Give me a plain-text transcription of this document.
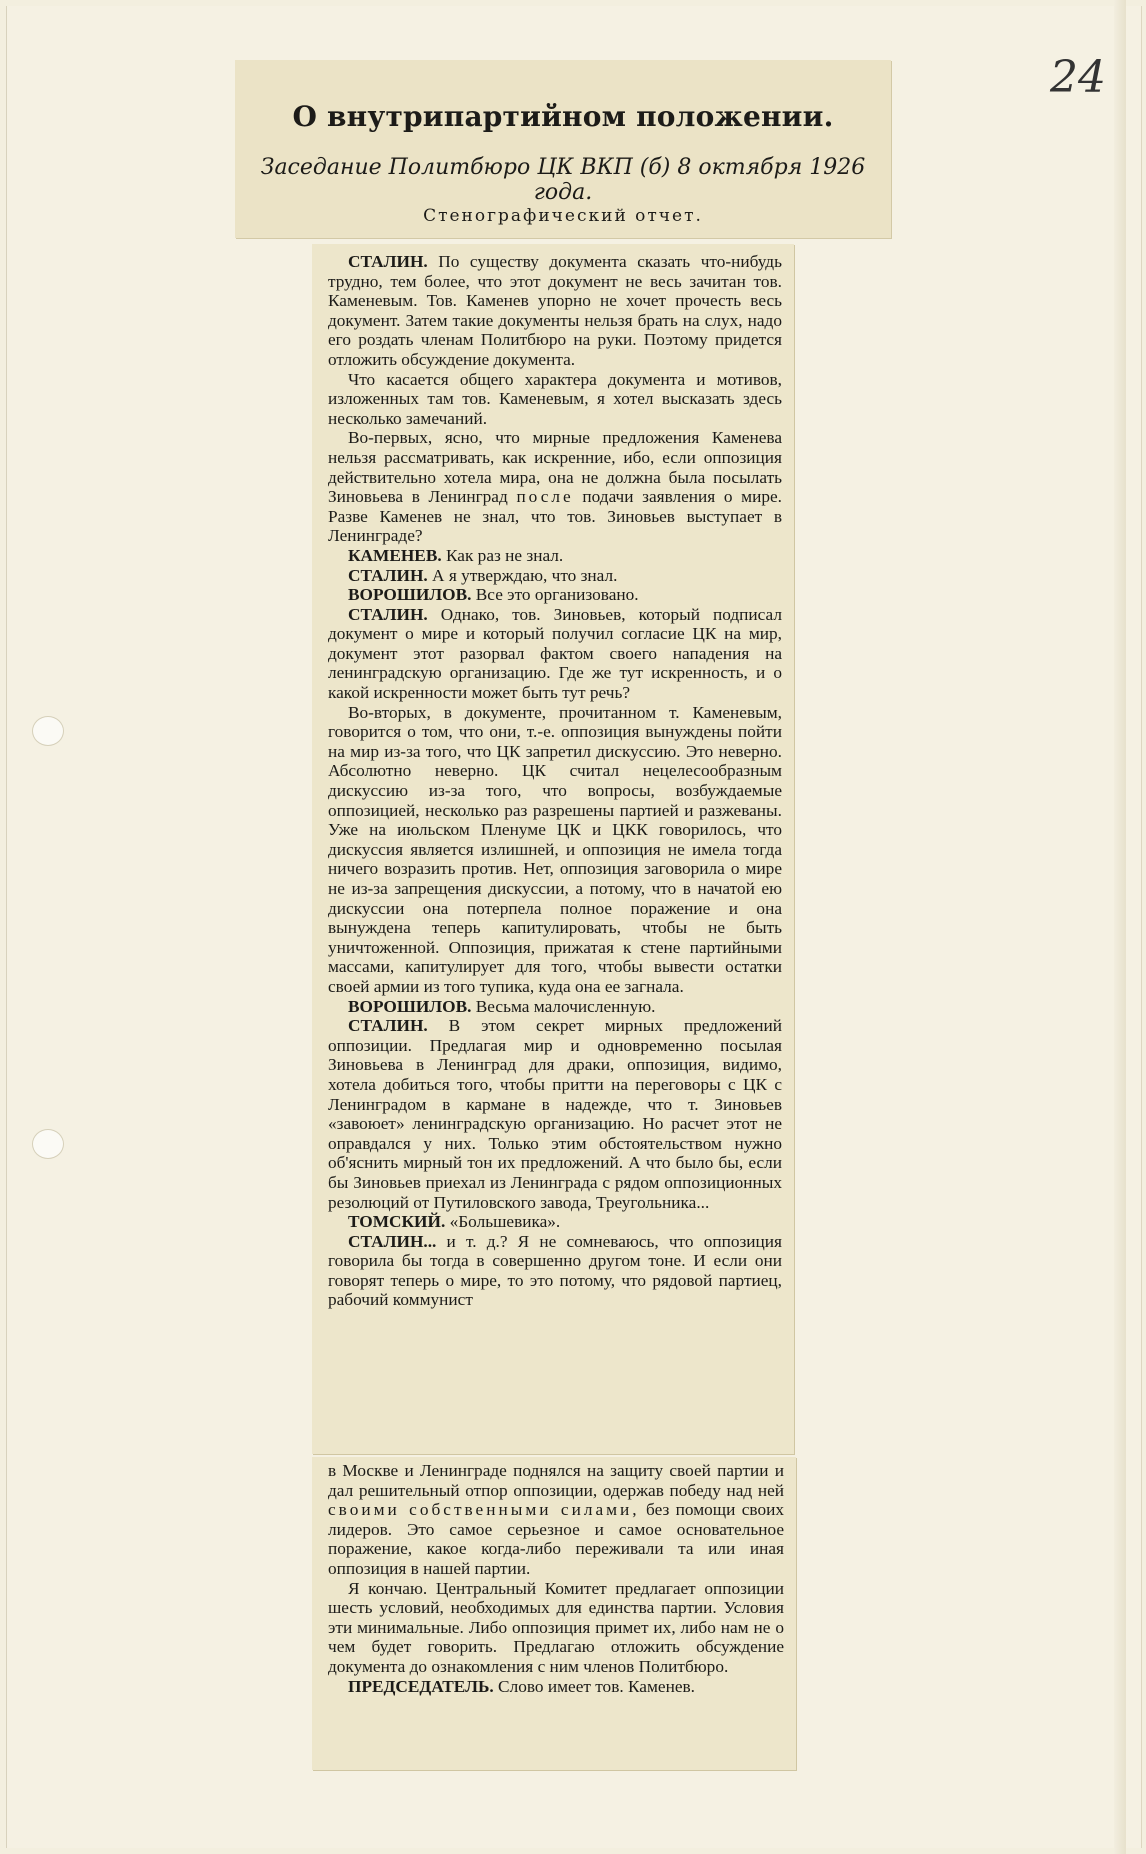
24
О внутрипартийном положении.
Заседание Политбюро ЦК ВКП (б) 8 октября 1926 года.
Стенографический отчет.

СТАЛИН. По существу документа сказать что-нибудь трудно, тем более, что этот документ не весь зачитан тов. Каменевым. Тов. Каменев упорно не хочет прочесть весь документ. Затем такие документы нельзя брать на слух, надо его роздать членам Политбюро на руки. Поэтому придется отложить обсуждение документа.

Что касается общего характера документа и мотивов, изложенных там тов. Каменевым, я хотел высказать здесь несколько замечаний.

Во-первых, ясно, что мирные предложения Каменева нельзя рассматривать, как искренние, ибо, если оппозиция действительно хотела мира, она не должна была посылать Зиновьева в Ленинград после подачи заявления о мире. Разве Каменев не знал, что тов. Зиновьев выступает в Ленинграде?

КАМЕНЕВ. Как раз не знал.

СТАЛИН. А я утверждаю, что знал.

ВОРОШИЛОВ. Все это организовано.

СТАЛИН. Однако, тов. Зиновьев, который подписал документ о мире и который получил согласие ЦК на мир, документ этот разорвал фактом своего нападения на ленинградскую организацию. Где же тут искренность, и о какой искренности может быть тут речь?

Во-вторых, в документе, прочитанном т. Каменевым, говорится о том, что они, т.-е. оппозиция вынуждены пойти на мир из-за того, что ЦК запретил дискуссию. Это неверно. Абсолютно неверно. ЦК считал нецелесообразным дискуссию из-за того, что вопросы, возбуждаемые оппозицией, несколько раз разрешены партией и разжеваны. Уже на июльском Пленуме ЦК и ЦКК говорилось, что дискуссия является излишней, и оппозиция не имела тогда ничего возразить против. Нет, оппозиция заговорила о мире не из-за запрещения дискуссии, а потому, что в начатой ею дискуссии она потерпела полное поражение и она вынуждена теперь капитулировать, чтобы не быть уничтоженной. Оппозиция, прижатая к стене партийными массами, капитулирует для того, чтобы вывести остатки своей армии из того тупика, куда она ее загнала.

ВОРОШИЛОВ. Весьма малочисленную.

СТАЛИН. В этом секрет мирных предложений оппозиции. Предлагая мир и одновременно посылая Зиновьева в Ленинград для драки, оппозиция, видимо, хотела добиться того, чтобы притти на переговоры с ЦК с Ленинградом в кармане в надежде, что т. Зиновьев «завоюет» ленинградскую организацию. Но расчет этот не оправдался у них. Только этим обстоятельством нужно об'яснить мирный тон их предложений. А что было бы, если бы Зиновьев приехал из Ленинграда с рядом оппозиционных резолюций от Путиловского завода, Треугольника...

ТОМСКИЙ. «Большевика».

СТАЛИН... и т. д.? Я не сомневаюсь, что оппозиция говорила бы тогда в совершенно другом тоне. И если они говорят теперь о мире, то это потому, что рядовой партиец, рабочий коммунист

в Москве и Ленинграде поднялся на защиту своей партии и дал решительный отпор оппозиции, одержав победу над ней своими собственными силами, без помощи своих лидеров. Это самое серьезное и самое основательное поражение, какое когда-либо переживали та или иная оппозиция в нашей партии.

Я кончаю. Центральный Комитет предлагает оппозиции шесть условий, необходимых для единства партии. Условия эти минимальные. Либо оппозиция примет их, либо нам не о чем будет говорить. Предлагаю отложить обсуждение документа до ознакомления с ним членов Политбюро.

ПРЕДСЕДАТЕЛЬ. Слово имеет тов. Каменев.
